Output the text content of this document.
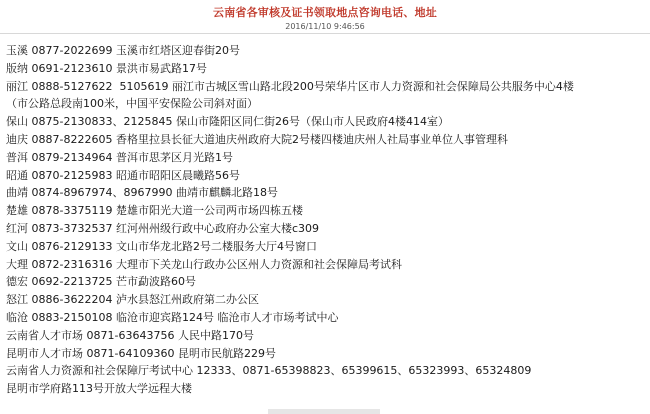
云南省各审核及证书领取地点咨询电话、地址
2016/11/10 9:46:56
玉溪 0877-2022699 玉溪市红塔区迎春街20号
版纳 0691-2123610 景洪市易武路17号
丽江 0888-5127622  5105619 丽江市古城区雪山路北段200号荣华片区市人力资源和社会保障局公共服务中心4楼
（市公路总段南100米，中国平安保险公司斜对面）
保山 0875-2130833、2125845 保山市隆阳区同仁街26号（保山市人民政府4楼414室）
迪庆 0887-8222605 香格里拉县长征大道迪庆州政府大院2号楼四楼迪庆州人社局事业单位人事管理科
普洱 0879-2134964 普洱市思茅区月光路1号
昭通 0870-2125983 昭通市昭阳区晨曦路56号
曲靖 0874-8967974、8967990 曲靖市麒麟北路18号
楚雄 0878-3375119 楚雄市阳光大道一公司两市场四栋五楼
红河 0873-3732537 红河州州级行政中心政府办公室大楼c309
文山 0876-2129133 文山市华龙北路2号二楼服务大厅4号窗口
大理 0872-2316316 大理市下关龙山行政办公区州人力资源和社会保障局考试科
德宏 0692-2213725 芒市勐波路60号
怒江 0886-3622204 泸水县怒江州政府第二办公区
临沧 0883-2150108 临沧市迎宾路124号 临沧市人才市场考试中心
云南省人才市场 0871-63643756 人民中路170号
昆明市人才市场 0871-64109360 昆明市民航路229号
云南省人力资源和社会保障厅考试中心 12333、0871-65398823、65399615、65323993、65324809 昆明市学府路113号开放大学远程大楼
